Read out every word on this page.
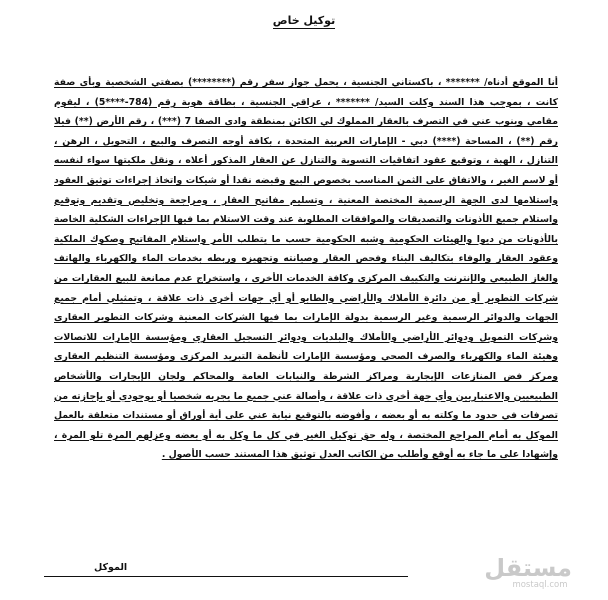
توكيل خاص

أنا الموقع أدناه/ ******* ، باكستاني الجنسية ، يحمل جواز سفر رقم (********) بصفتي الشخصية وبأي صفة كانت ، بموجب هذا السند وكلت السيد/ ******* ، عراقي الجنسية ، بطاقة هوية رقم (784-****5) ، ليقوم مقامي وينوب عني في التصرف بالعقار المملوك لي الكائن بمنطقة وادي الصفا 7 (***) ، رقم الأرض (**) فيلا رقم (**) ، المساحة (****) دبي - الإمارات العربية المتحدة ، بكافة أوجه التصرف والبيع ، التحويل ، الرهن ، التنازل ، الهبة ، وتوقيع عقود اتفاقيات التسوية والتنازل عن العقار المذكور أعلاه ، ونقل ملكيتها سواء لنفسه أو لاسم الغير ، والاتفاق على الثمن المناسب بخصوص البيع وقبضه نقدا أو شيكات واتخاذ إجراءات توثيق العقود واستلامها لدى الجهة الرسمية المختصة المعنية ، وتسليم مفاتيح العقار ، ومراجعة وتخليص وتقديم وتوقيع واستلام جميع الأذونات والتصديقات والموافقات المطلوبة عند وقت الاستلام بما فيها الإجراءات الشكلية الخاصة بالأذونات من ديوا والهيئات الحكومية وشبه الحكومية حسب ما يتطلب الأمر واستلام المفاتيح وصكوك الملكية وعقود العقار والوفاء بتكاليف البناء وفحص العقار وصيانته وتجهيزه وربطه بخدمات الماء والكهرباء والهاتف والغاز الطبيعي والإنترنت والتكييف المركزي وكافة الخدمات الأخرى ، واستخراج عدم ممانعة للبيع العقارات من شركات التطوير أو من دائرة الأملاك والأراضي والطابو أو أي جهات أخرى ذات علاقة ، وتمثيلي أمام جميع الجهات والدوائر الرسمية وغير الرسمية بدولة الإمارات بما فيها الشركات المعنية وشركات التطوير العقاري وشركات التمويل ودوائر الأراضي والأملاك والبلديات ودوائر التسجيل العقاري ومؤسسة الإمارات للاتصالات وهيئة الماء والكهرباء والصرف الصحي ومؤسسة الإمارات لأنظمة التبريد المركزي ومؤسسة التنظيم العقاري ومركز فض المنازعات الإيجارية ومراكز الشرطة والنيابات العامة والمحاكم ولجان الإيجارات والأشخاص الطبيعيين والاعتباريين وأي جهة أخرى ذات علاقة ، وأصالة عني جميع ما يجريه شخصيا أو بوجودي أو بإجازته من تصرفات في حدود ما وكلته به أو بعضه ، وأفوضه بالتوقيع نيابة عني على أية أوراق أو مستندات متعلقة بالعمل الموكل به أمام المراجع المختصة ، وله حق توكيل الغير في كل ما وكل به أو بعضه وعزلهم المرة تلو المرة ، وإشهادا على ما جاء به أوقع وأطلب من الكاتب العدل توثيق هذا المستند حسب الأصول .

الموكل	مستقل
mostaql.com
